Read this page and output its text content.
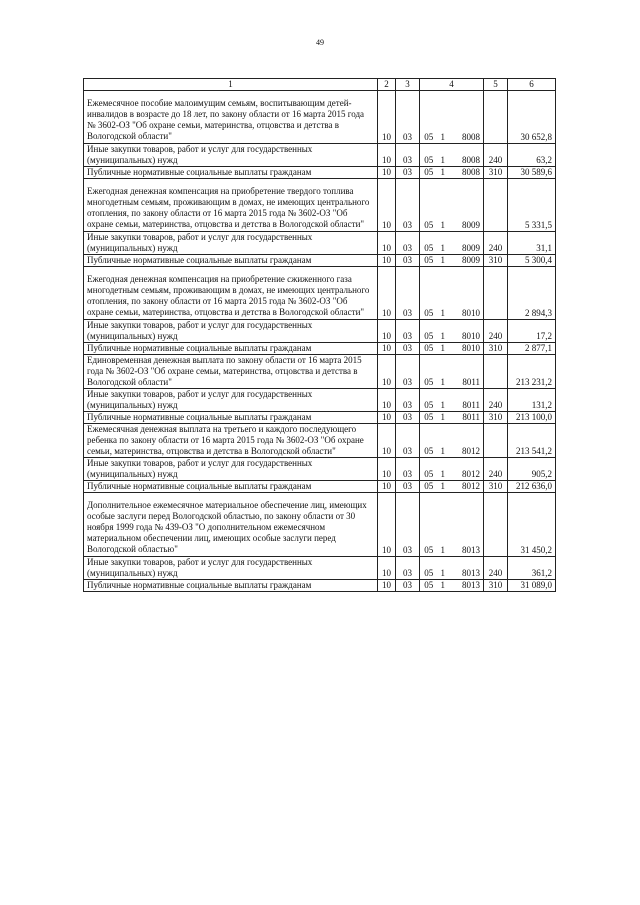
49
1	2	3	4			5	6
Ежемесячное пособие малоимущим семьям, воспитывающим детей-инвалидов в возрасте до 18 лет, по закону области от 16 марта 2015 года № 3602-ОЗ "Об охране семьи, материнства, отцовства и детства в Вологодской области"	10	03	05	1	8008		30 652,8
Иные закупки товаров, работ и услуг для государственных (муниципальных) нужд	10	03	05	1	8008	240	63,2
Публичные нормативные социальные выплаты гражданам	10	03	05	1	8008	310	30 589,6
Ежегодная денежная компенсация на приобретение твердого топлива многодетным семьям, проживающим в домах, не имеющих центрального отопления, по закону области от 16 марта 2015 года № 3602-ОЗ "Об охране семьи, материнства, отцовства и детства в Вологодской области"	10	03	05	1	8009		5 331,5
Иные закупки товаров, работ и услуг для государственных (муниципальных) нужд	10	03	05	1	8009	240	31,1
Публичные нормативные социальные выплаты гражданам	10	03	05	1	8009	310	5 300,4
Ежегодная денежная компенсация на приобретение сжиженного газа многодетным семьям, проживающим в домах, не имеющих центрального отопления, по закону области от 16 марта 2015 года № 3602-ОЗ "Об охране семьи, материнства, отцовства и детства в Вологодской области"	10	03	05	1	8010		2 894,3
Иные закупки товаров, работ и услуг для государственных (муниципальных) нужд	10	03	05	1	8010	240	17,2
Публичные нормативные социальные выплаты гражданам	10	03	05	1	8010	310	2 877,1
Единовременная денежная выплата по закону области от 16 марта 2015 года № 3602-ОЗ "Об охране семьи, материнства, отцовства и детства в Вологодской области"	10	03	05	1	8011		213 231,2
Иные закупки товаров, работ и услуг для государственных (муниципальных) нужд	10	03	05	1	8011	240	131,2
Публичные нормативные социальные выплаты гражданам	10	03	05	1	8011	310	213 100,0
Ежемесячная денежная выплата на третьего и каждого последующего ребенка по закону области от 16 марта 2015 года № 3602-ОЗ "Об охране семьи, материнства, отцовства и детства в Вологодской области"	10	03	05	1	8012		213 541,2
Иные закупки товаров, работ и услуг для государственных (муниципальных) нужд	10	03	05	1	8012	240	905,2
Публичные нормативные социальные выплаты гражданам	10	03	05	1	8012	310	212 636,0
Дополнительное ежемесячное материальное обеспечение лиц, имеющих особые заслуги перед Вологодской областью, по закону области от 30 ноября 1999 года № 439-ОЗ "О дополнительном ежемесячном материальном обеспечении лиц, имеющих особые заслуги перед Вологодской областью"	10	03	05	1	8013		31 450,2
Иные закупки товаров, работ и услуг для государственных (муниципальных) нужд	10	03	05	1	8013	240	361,2
Публичные нормативные социальные выплаты гражданам	10	03	05	1	8013	310	31 089,0
